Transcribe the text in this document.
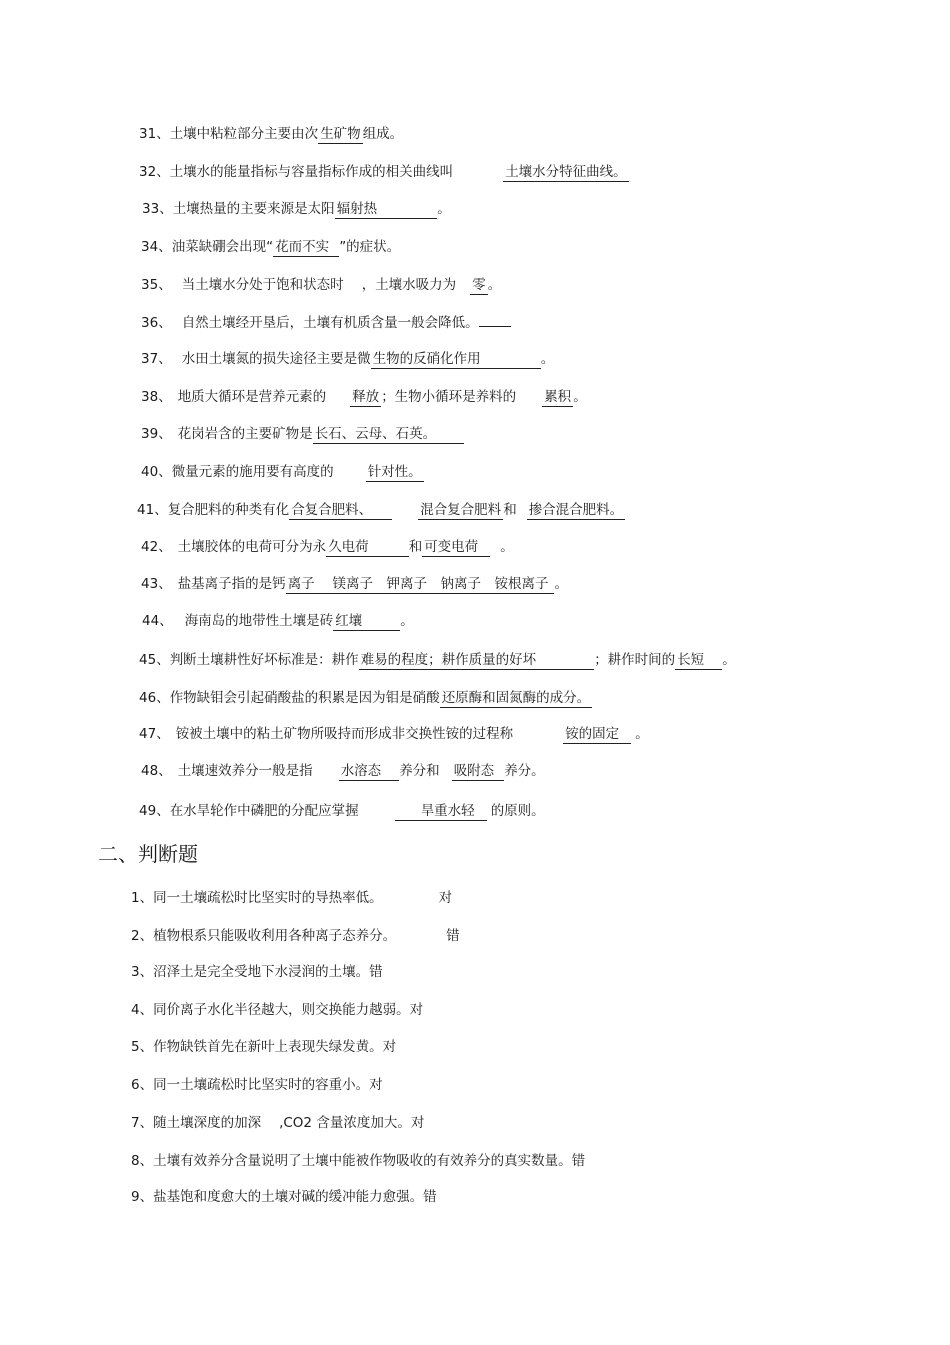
31、土壤中粘粒部分主要由次 生矿物 组成。
32、土壤水的能量指标与容量指标作成的相关曲线叫	土壤水分特征曲线。
33、土壤热量的主要来源是太阳 辐射热	。
34、油菜缺硼会出现“ 花而不实 ”的症状。
35、 当土壤水分处于饱和状态时 ，土壤水吸力为 零 。
36、 自然土壤经开垦后，土壤有机质含量一般会降低。
37、 水田土壤氮的损失途径主要是微 生物的反硝化作用	。
38、 地质大循环是营养元素的 释放 ；生物小循环是养料的 累积 。
39、 花岗岩含的主要矿物是 长石、云母、石英。
40、微量元素的施用要有高度的	针对性。
41、复合肥料的种类有化 合复合肥料、	混合复合肥料 和 掺合混合肥料。
42、 土壤胶体的电荷可分为永 久电荷	和 可变电荷 。
43、 盐基离子指的是钙 离子　 镁离子　钾离子　钠离子　铵根离子 。
44、 海南岛的地带性土壤是砖 红壤	。
45、判断土壤耕性好坏标准是：耕作 难易的程度；耕作质量的好坏	；耕作时间的 长短 。
46、作物缺钼会引起硝酸盐的积累是因为钼是硝酸 还原酶和固氮酶的成分。
47、 铵被土壤中的粘土矿物所吸持而形成非交换性铵的过程称	铵的固定 。
48、 土壤速效养分一般是指 水溶态 养分和 吸附态 养分。
49、在水旱轮作中磷肥的分配应掌握	旱重水轻 的原则。
二、判断题
1、同一土壤疏松时比坚实时的导热率低。	对
2、植物根系只能吸收利用各种离子态养分。	错
3、沼泽土是完全受地下水浸润的土壤。错
4、同价离子水化半径越大，则交换能力越弱。对
5、作物缺铁首先在新叶上表现失绿发黄。对
6、同一土壤疏松时比坚实时的容重小。对
7、随土壤深度的加深 ,CO2 含量浓度加大。对
8、土壤有效养分含量说明了土壤中能被作物吸收的有效养分的真实数量。错
9、盐基饱和度愈大的土壤对碱的缓冲能力愈强。错
